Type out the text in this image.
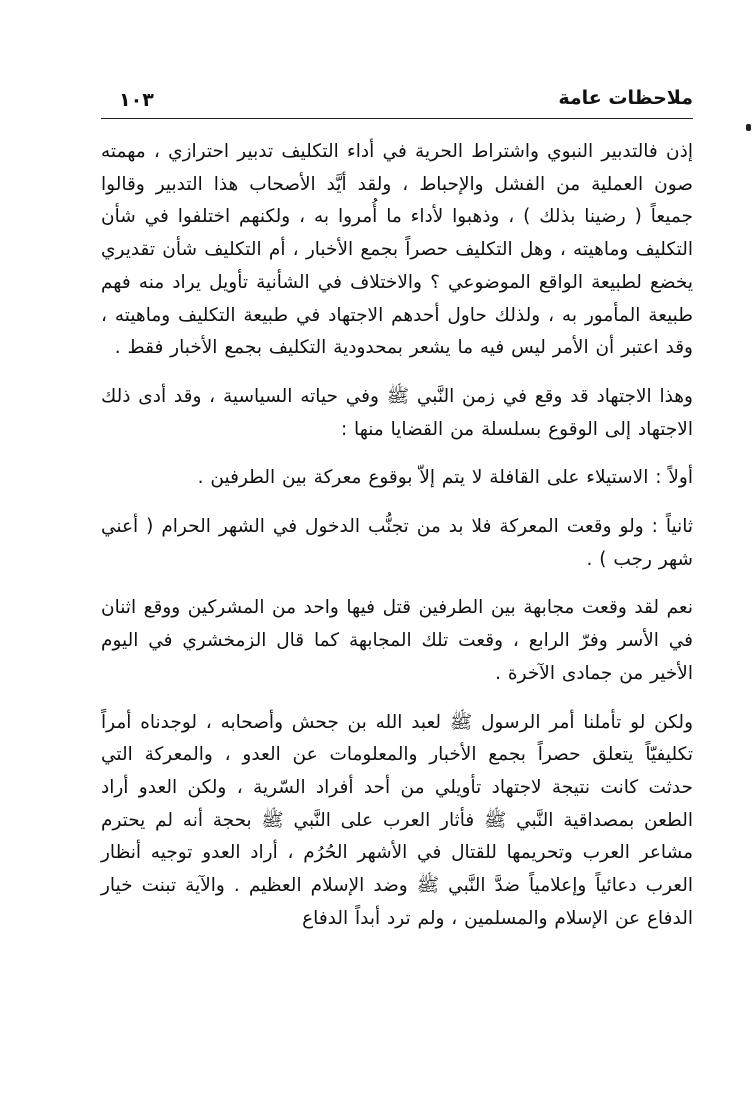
ملاحظات عامة
١٠٣

إذن فالتدبير النبوي واشتراط الحرية في أداء التكليف تدبير احترازي ، مهمته صون العملية من الفشل والإحباط ، ولقد أيَّد الأصحاب هذا التدبير وقالوا جميعاً ( رضينا بذلك ) ، وذهبوا لأداء ما أُمروا به ، ولكنهم اختلفوا في شأن التكليف وماهيته ، وهل التكليف حصراً بجمع الأخبار ، أم التكليف شأن تقديري يخضع لطبيعة الواقع الموضوعي ؟ والاختلاف في الشأنية تأويل يراد منه فهم طبيعة المأمور به ، ولذلك حاول أحدهم الاجتهاد في طبيعة التكليف وماهيته ، وقد اعتبر أن الأمر ليس فيه ما يشعر بمحدودية التكليف بجمع الأخبار فقط .

وهذا الاجتهاد قد وقع في زمن النَّبي ﷺ وفي حياته السياسية ، وقد أدى ذلك الاجتهاد إلى الوقوع بسلسلة من القضايا منها :

أولاً : الاستيلاء على القافلة لا يتم إلاّ بوقوع معركة بين الطرفين .

ثانياً : ولو وقعت المعركة فلا بد من تجنُّب الدخول في الشهر الحرام ( أعني شهر رجب ) .

نعم لقد وقعت مجابهة بين الطرفين قتل فيها واحد من المشركين ووقع اثنان في الأسر وفرّ الرابع ، وقعت تلك المجابهة كما قال الزمخشري في اليوم الأخير من جمادى الآخرة .

ولكن لو تأملنا أمر الرسول ﷺ لعبد الله بن جحش وأصحابه ، لوجدناه أمراً تكليفيّاً يتعلق حصراً بجمع الأخبار والمعلومات عن العدو ، والمعركة التي حدثت كانت نتيجة لاجتهاد تأويلي من أحد أفراد السّرية ، ولكن العدو أراد الطعن بمصداقية النَّبي ﷺ فأثار العرب على النَّبي ﷺ بحجة أنه لم يحترم مشاعر العرب وتحريمها للقتال في الأشهر الحُرُم ، أراد العدو توجيه أنظار العرب دعائياً وإعلامياً ضدَّ النَّبي ﷺ وضد الإسلام العظيم . والآية تبنت خيار الدفاع عن الإسلام والمسلمين ، ولم ترد أبداً الدفاع
